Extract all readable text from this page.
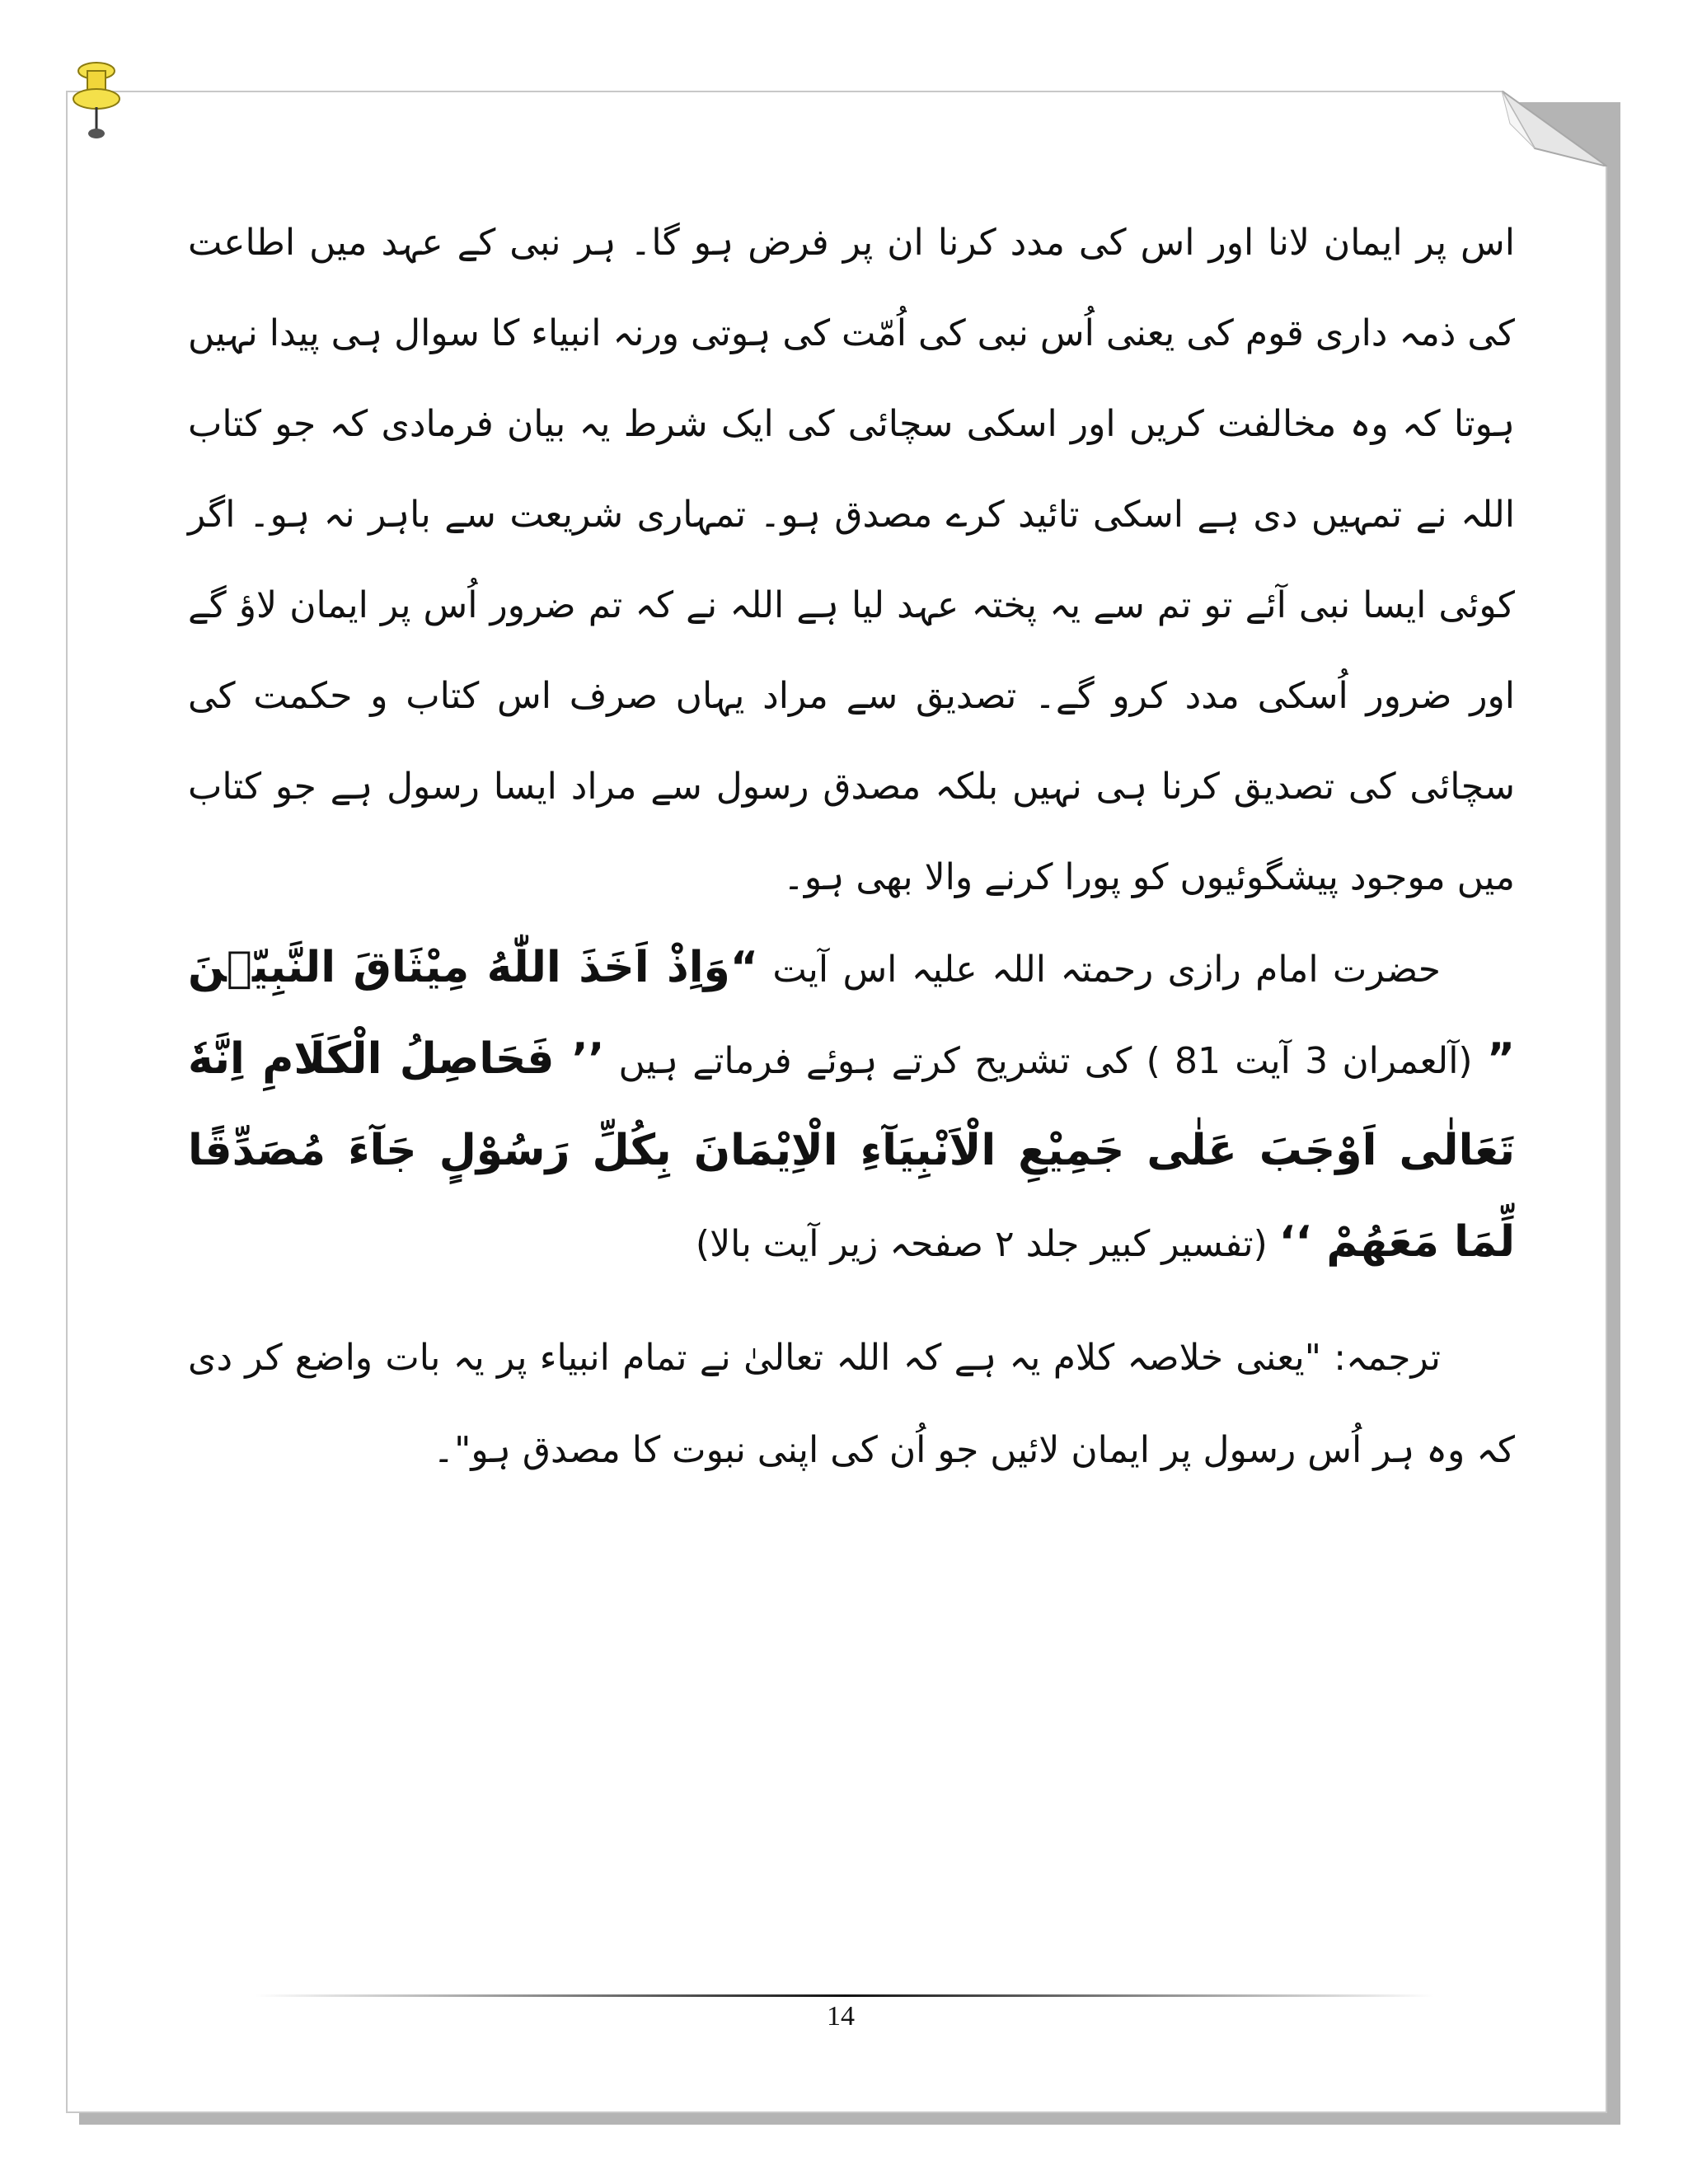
اس پر ایمان لانا اور اس کی مدد کرنا ان پر فرض ہو گا۔ ہر نبی کے عہد میں اطاعت کی ذمہ داری قوم کی یعنی اُس نبی کی اُمّت کی ہوتی ورنہ انبیاء کا سوال ہی پیدا نہیں ہوتا کہ وہ مخالفت کریں اور اسکی سچائی کی ایک شرط یہ بیان فرمادی کہ جو کتاب اللہ نے تمہیں دی ہے اسکی تائید کرے مصدق ہو۔ تمہاری شریعت سے باہر نہ ہو۔ اگر کوئی ایسا نبی آئے تو تم سے یہ پختہ عہد لیا ہے اللہ نے کہ تم ضرور اُس پر ایمان لاؤ گے اور ضرور اُسکی مدد کرو گے۔ تصدیق سے مراد یہاں صرف اس کتاب و حکمت کی سچائی کی تصدیق کرنا ہی نہیں بلکہ مصدق رسول سے مراد ایسا رسول ہے جو کتاب میں موجود پیشگوئیوں کو پورا کرنے والا بھی ہو۔

حضرت امام رازی رحمتہ اللہ علیہ اس آیت “وَاِذْ اَخَذَ اللّٰهُ مِيْثَاقَ النَّبِيّٖنَ ” (آلعمران 3 آیت 81 ) کی تشریح کرتے ہوئے فرماتے ہیں ’’ فَحَاصِلُ الْكَلَامِ اِنَّهٗ تَعَالٰى اَوْجَبَ عَلٰى جَمِيْعِ الْاَنْبِيَآءِ الْاِيْمَانَ بِكُلِّ رَسُوْلٍ جَآءَ مُصَدِّقًا لِّمَا مَعَهُمْ ‘‘ (تفسیر کبیر جلد ۲ صفحہ زیر آیت بالا)

ترجمہ: "یعنی خلاصہ کلام یہ ہے کہ اللہ تعالیٰ نے تمام انبیاء پر یہ بات واضع کر دی کہ وہ ہر اُس رسول پر ایمان لائیں جو اُن کی اپنی نبوت کا مصدق ہو"۔

14
